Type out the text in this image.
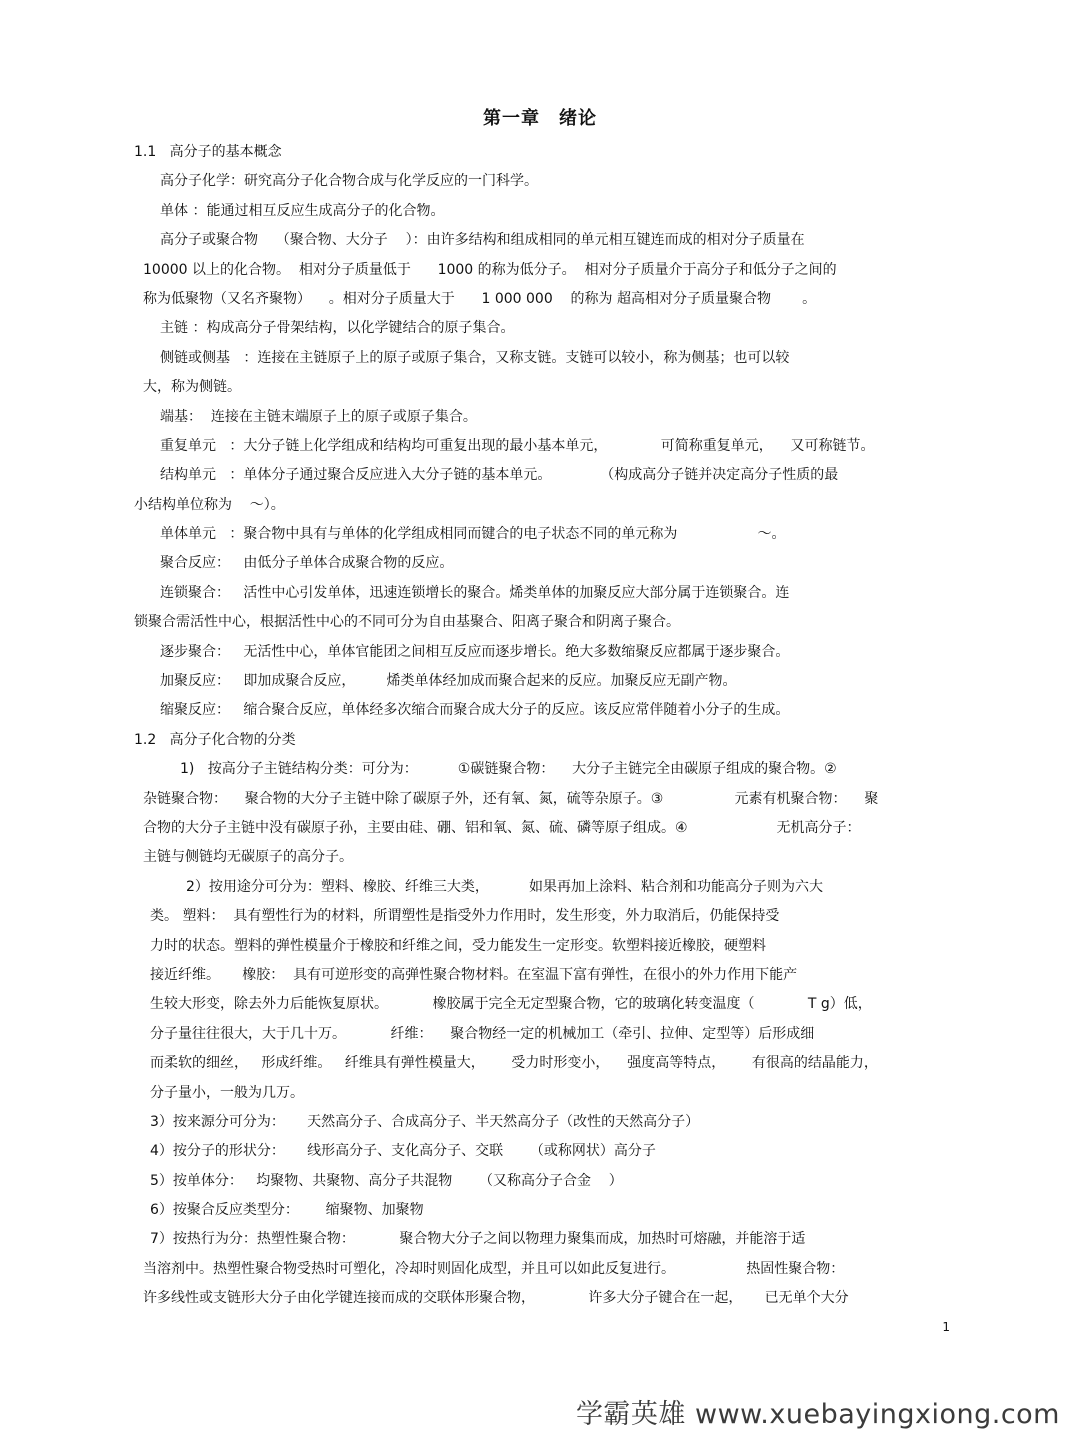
第一章　绪论
1.1   高分子的基本概念
高分子化学：研究高分子化合物合成与化学反应的一门科学。
单体 ：能通过相互反应生成高分子的化合物。
高分子或聚合物    （聚合物、大分子    ）：由许多结构和组成相同的单元相互键连而成的相对分子质量在
10000 以上的化合物。  相对分子质量低于      1000 的称为低分子。  相对分子质量介于高分子和低分子之间的
称为低聚物（又名齐聚物）    。相对分子质量大于      1 000 000    的称为 超高相对分子质量聚合物       。
主链 ：构成高分子骨架结构，以化学键结合的原子集合。
侧链或侧基   ：连接在主链原子上的原子或原子集合，又称支链。支链可以较小，称为侧基；也可以较
大，称为侧链。
端基：  连接在主链末端原子上的原子或原子集合。
重复单元   ：大分子链上化学组成和结构均可重复出现的最小基本单元，            可简称重复单元，    又可称链节。
结构单元   ：单体分子通过聚合反应进入大分子链的基本单元。           （构成高分子链并决定高分子性质的最
小结构单位称为    ～）。
单体单元   ：聚合物中具有与单体的化学组成相同而键合的电子状态不同的单元称为                  ～。
聚合反应：   由低分子单体合成聚合物的反应。
连锁聚合：   活性中心引发单体，迅速连锁增长的聚合。烯类单体的加聚反应大部分属于连锁聚合。连
锁聚合需活性中心，根据活性中心的不同可分为自由基聚合、阳离子聚合和阴离子聚合。
逐步聚合：   无活性中心，单体官能团之间相互反应而逐步增长。绝大多数缩聚反应都属于逐步聚合。
加聚反应：   即加成聚合反应，       烯类单体经加成而聚合起来的反应。加聚反应无副产物。
缩聚反应：   缩合聚合反应，单体经多次缩合而聚合成大分子的反应。该反应常伴随着小分子的生成。
1.2   高分子化合物的分类
1)   按高分子主链结构分类：可分为：         ①碳链聚合物：    大分子主链完全由碳原子组成的聚合物。②
杂链聚合物：    聚合物的大分子主链中除了碳原子外，还有氧、氮，硫等杂原子。③                元素有机聚合物：    聚
合物的大分子主链中没有碳原子孙，主要由硅、硼、铝和氧、氮、硫、磷等原子组成。④                    无机高分子：
主链与侧链均无碳原子的高分子。
2）按用途分可分为：塑料、橡胶、纤维三大类，         如果再加上涂料、粘合剂和功能高分子则为六大
类。 塑料：  具有塑性行为的材料，所谓塑性是指受外力作用时，发生形变，外力取消后，仍能保持受
力时的状态。塑料的弹性模量介于橡胶和纤维之间，受力能发生一定形变。软塑料接近橡胶，硬塑料
接近纤维。     橡胶：  具有可逆形变的高弹性聚合物材料。在室温下富有弹性，在很小的外力作用下能产
生较大形变，除去外力后能恢复原状。          橡胶属于完全无定型聚合物，它的玻璃化转变温度（            T g）低，
分子量往往很大，大于几十万。          纤维：    聚合物经一定的机械加工（牵引、拉伸、定型等）后形成细
而柔软的细丝，   形成纤维。   纤维具有弹性模量大，      受力时形变小，    强度高等特点，      有很高的结晶能力，
分子量小，一般为几万。
3）按来源分可分为：     天然高分子、合成高分子、半天然高分子（改性的天然高分子）
4）按分子的形状分：     线形高分子、支化高分子、交联      （或称网状）高分子
5）按单体分：   均聚物、共聚物、高分子共混物      （又称高分子合金    ）
6）按聚合反应类型分：      缩聚物、加聚物
7）按热行为分：热塑性聚合物：          聚合物大分子之间以物理力聚集而成，加热时可熔融，并能溶于适
当溶剂中。热塑性聚合物受热时可塑化，冷却时则固化成型，并且可以如此反复进行。                热固性聚合物：
许多线性或支链形大分子由化学键连接而成的交联体形聚合物，            许多大分子键合在一起，     已无单个大分
1
学霸英雄 www.xuebayingxiong.com
